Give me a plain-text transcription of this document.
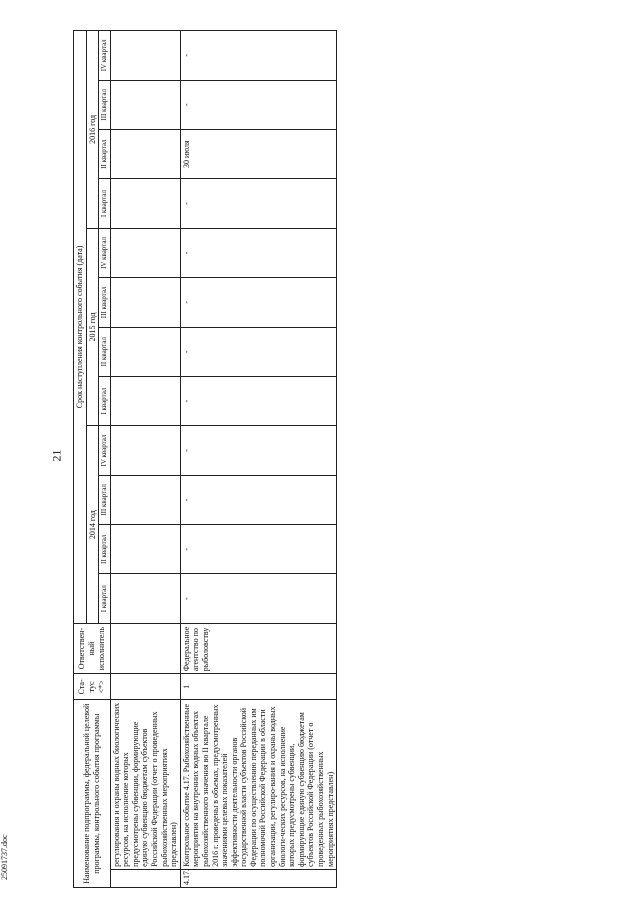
21
25091737.doc	Наименование подпрограммы, федеральной целевой программы, контрольного события программы		Ста-тус <*>	Ответствен-ный исполнитель	Срок наступления контрольного события (дата)											
				2014 год				2015 год				2016 год			
				I квартал	II квартал	III квартал	IV квартал	I квартал	II квартал	III квартал	IV квартал	I квартал	II квартал	III квартал	IV квартал
	регулирования и охраны водных биологических ресурсов, на исполнение которых предусмотрены субвенции, формирующие единую субвенцию бюджетам субъектов Российской Федерации (отчет о проведенных рыбохозяйственных мероприятиях представлен)														
4.17.	Контрольное событие 4.17. Рыбохозяйственные мероприятия на внутренних водных объектах рыбохозяйственного значения во II квартале 2016 г. проведены в объемах, предусмотренных значениями целевых показателей эффективности деятельности органов государственной власти субъектов Российской Федерации по осуществлению переданных им полномочий Российской Федерации в области организации, регулиро-вания и охраны водных биологи-ческих ресурсов, на исполнение которых предусмотрены субвенции, формирующие единую субвенцию бюджетам субъектов Российской Федерации (отчет о проведенных рыбохозяйственных мероприятиях представлен)	1	Федеральное агентство по рыболовству	-	-	-	-	-	-	-	-	-	30 июля	-	-
